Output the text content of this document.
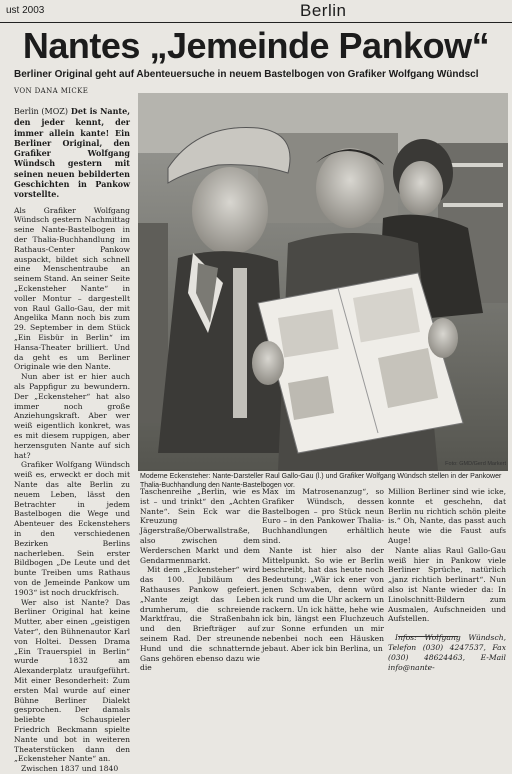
ust 2003	Berlin
Nantes „Jemeinde Pankow“
Berliner Original geht auf Abenteuersuche in neuem Bastelbogen von Grafiker Wolfgang Wündscl
VON DANA MICKE
Berlin (MOZ) Det is Nante, den jeder kennt, der immer allein kante! Ein Berliner Original, den Grafiker Wolfgang Wündsch gestern mit seinen neuen bebilderten Geschichten in Pankow vorstellte.

Als Grafiker Wolfgang Wündsch gestern Nachmittag seine Nante-Bastelbogen in der Thalia-Buchhandlung im Rathaus-Center Pankow auspackt, bildet sich schnell eine Menschentraube an seinem Stand. An seiner Seite „Eckensteher Nante“ in voller Montur – dargestellt von Raul Gallo-Gau, der mit Angelika Mann noch bis zum 29. September in dem Stück „Ein Eisbür in Berlin“ im Hansa-Theater brilliert. Und da geht es um Berliner Originale wie den Nante.

Nun aber ist er hier auch als Pappfigur zu bewundern. Der „Eckensteher“ hat also immer noch große Anziehungskraft. Aber wer weiß eigentlich konkret, was es mit diesem ruppigen, aber herzensguten Nante auf sich hat?

Grafiker Wolfgang Wündsch weiß es, erweckt er doch mit Nante das alte Berlin zu neuem Leben, lässt den Betrachter in jedem Bastelbogen die Wege und Abenteuer des Eckenstehers in den verschiedenen Bezirken Berlins nacherleben. Sein erster Bildbogen „De Leute und det bunte Treiben ums Rathaus von de Jemeinde Pankow um 1903“ ist noch druckfrisch.

Wer also ist Nante? Das Berliner Original hat keine Mutter, aber einen „geistigen Vater“, den Bühnenautor Karl von Holtei. Dessen Drama „Ein Trauerspiel in Berlin“ wurde 1832 am Alexanderplatz uraufgeführt. Mit einer Besonderheit: Zum ersten Mal wurde auf einer Bühne Berliner Dialekt gesprochen. Der damals beliebte Schauspieler Friedrich Beckmann spielte Nante und bot in weiteren Theaterstücken dann den „Eckensteher Nante“ an.

Zwischen 1837 und 1840

Foto: GMD/Gerd Markert
Moderne Eckensteher: Nante-Darsteller Raul Gallo-Gau (l.) und Grafiker Wolfgang Wündsch stellen in der Pankower Thalia-Buchhandlung den Nante-Bastelbogen vor.

Taschenreihe „Berlin, wie es ist – und trinkt“ den „Achten Nante“. Sein Eck war die Kreuzung Jägerstraße/Oberwallstraße, also zwischen dem Werderschen Markt und dem Gendarmenmarkt.

Mit dem „Eckensteher“ wird das 100. Jubiläum des Rathauses Pankow gefeiert. „Nante zeigt das Leben drumherum, die schreiende Marktfrau, die Straßenbahn und den Briefträger auf seinem Rad. Der streunende Hund und die schnatternde Gans gehören ebenso dazu wie die

Max im Matrosenanzug“, so Grafiker Wündsch, dessen Bastelbogen – pro Stück neun Euro – in den Pankower Thalia-Buchhandlungen erhältlich sind.

Nante ist hier also der Mittelpunkt. So wie er Berlin beschreibt, hat das heute noch Bedeutung: „Wär ick ener von jenen Schwaben, denn würd ick rund um die Uhr ackern un rackern. Un ick hätte, hehe wie ick bin, längst een Fluchzeuch zur Sonne erfunden un mir nebenbei noch een Häusken jebaut. Aber ick bin Berlina, un

Million Berliner sind wie icke, konnte et geschehn, dat Berlin nu richtich schön pleite is.“ Oh, Nante, das passt auch heute wie die Faust aufs Auge!

Nante alias Raul Gallo-Gau weiß hier in Pankow viele Berliner Sprüche, natürlich „janz richtich berlinart“. Nun also ist Nante wieder da: In Linolschnitt-Bildern zum Ausmalen, Aufschneiden und Aufstellen.

Infos: Wolfgang Wündsch, Telefon (030) 4247537, Fax (030) 48624463, E-Mail info@nante-
